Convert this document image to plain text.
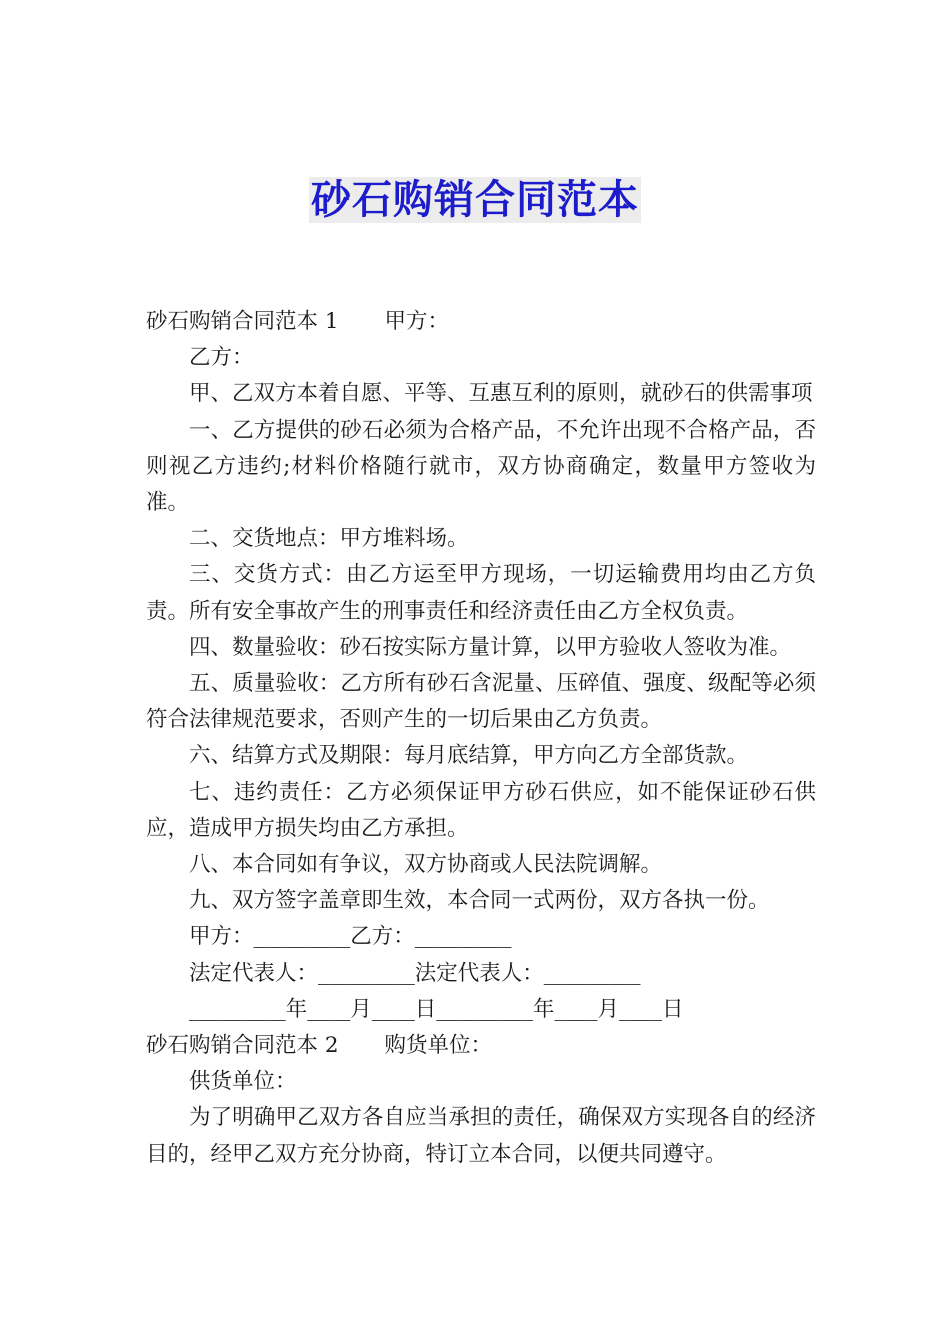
砂石购销合同范本

砂石购销合同范本 1 甲方：

乙方：

甲、乙双方本着自愿、平等、互惠互利的原则，就砂石的供需事项

一、乙方提供的砂石必须为合格产品，不允许出现不合格产品，否则视乙方违约;材料价格随行就市，双方协商确定，数量甲方签收为准。

二、交货地点：甲方堆料场。

三、交货方式：由乙方运至甲方现场，一切运输费用均由乙方负责。所有安全事故产生的刑事责任和经济责任由乙方全权负责。

四、数量验收：砂石按实际方量计算，以甲方验收人签收为准。

五、质量验收：乙方所有砂石含泥量、压碎值、强度、级配等必须符合法律规范要求，否则产生的一切后果由乙方负责。

六、结算方式及期限：每月底结算，甲方向乙方全部货款。

七、违约责任：乙方必须保证甲方砂石供应，如不能保证砂石供应，造成甲方损失均由乙方承担。

八、本合同如有争议，双方协商或人民法院调解。

九、双方签字盖章即生效，本合同一式两份，双方各执一份。

甲方：_________乙方：_________

法定代表人：_________法定代表人：_________

_________年____月____日_________年____月____日

砂石购销合同范本 2 购货单位：

供货单位：

为了明确甲乙双方各自应当承担的责任，确保双方实现各自的经济目的，经甲乙双方充分协商，特订立本合同，以便共同遵守。
